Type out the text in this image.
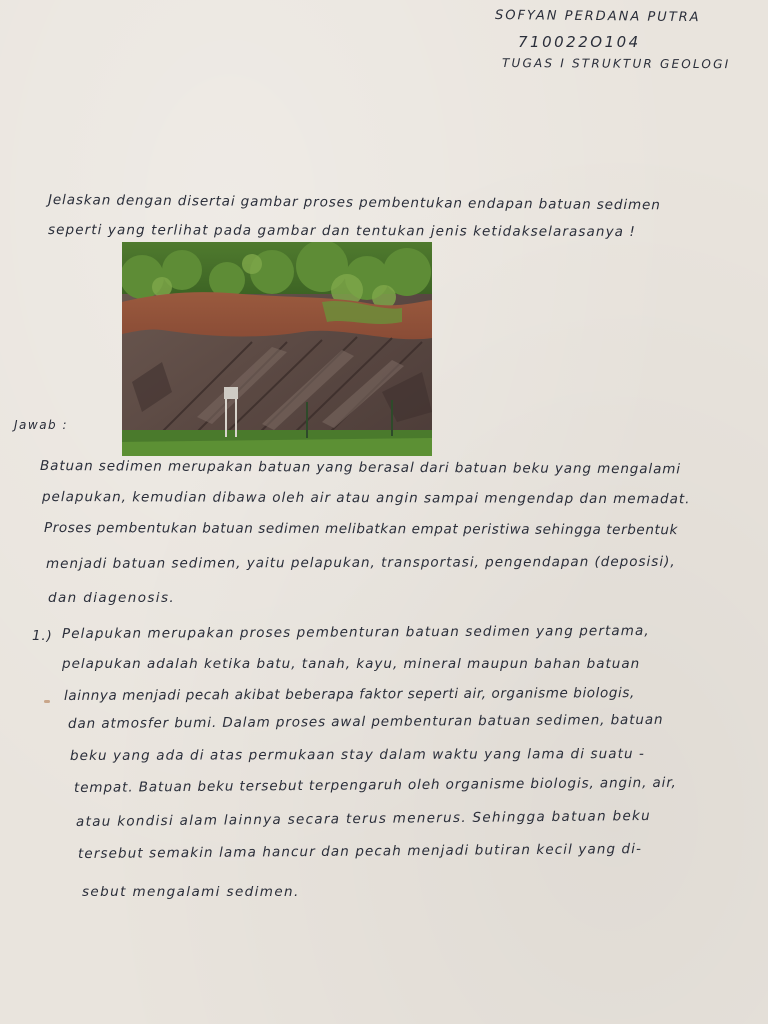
SOFYAN PERDANA PUTRA
710022O104
TUGAS I STRUKTUR GEOLOGI
Jelaskan dengan disertai gambar proses pembentukan endapan batuan sedimen
seperti yang terlihat pada gambar dan tentukan jenis ketidakselarasanya !
Jawab :
Batuan sedimen merupakan batuan yang berasal dari batuan beku yang mengalami
pelapukan, kemudian dibawa oleh air atau angin sampai mengendap dan memadat.
Proses pembentukan batuan sedimen melibatkan empat peristiwa sehingga terbentuk
menjadi batuan sedimen, yaitu pelapukan, transportasi, pengendapan (deposisi),
dan diagenosis.
1.) Pelapukan merupakan proses pembenturan batuan sedimen yang pertama,
pelapukan adalah ketika batu, tanah, kayu, mineral maupun bahan batuan
lainnya menjadi pecah akibat beberapa faktor seperti air, organisme biologis,
dan atmosfer bumi. Dalam proses awal pembenturan batuan sedimen, batuan
beku yang ada di atas permukaan stay dalam waktu yang lama di suatu -
tempat. Batuan beku tersebut terpengaruh oleh organisme biologis, angin, air,
atau kondisi alam lainnya secara terus menerus. Sehingga batuan beku
tersebut semakin lama hancur dan pecah menjadi butiran kecil yang di-
sebut mengalami sedimen.
